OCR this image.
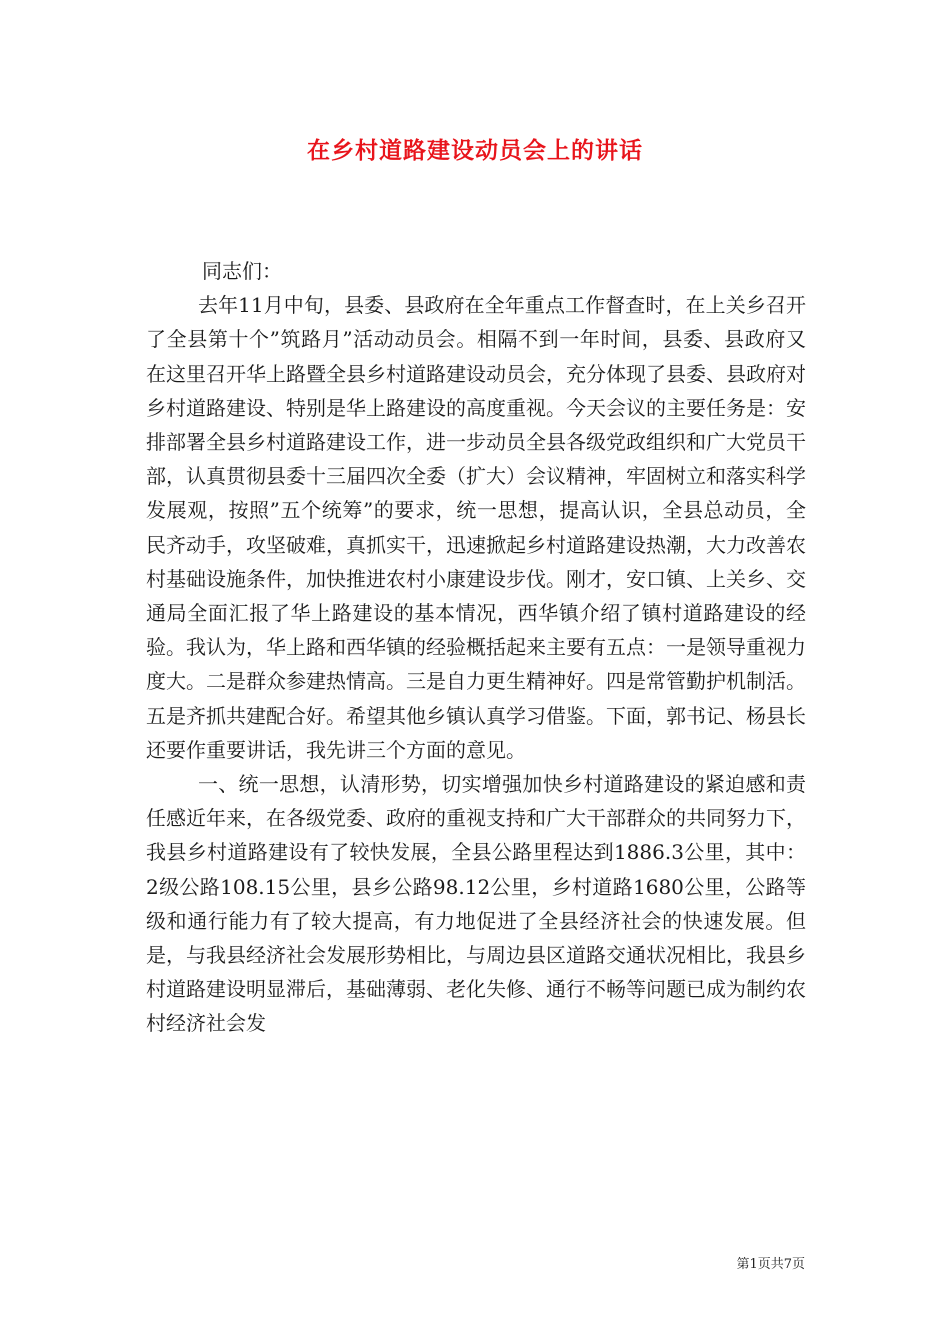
在乡村道路建设动员会上的讲话

同志们：

去年11月中旬，县委、县政府在全年重点工作督查时，在上关乡召开了全县第十个”筑路月”活动动员会。相隔不到一年时间，县委、县政府又在这里召开华上路暨全县乡村道路建设动员会，充分体现了县委、县政府对乡村道路建设、特别是华上路建设的高度重视。今天会议的主要任务是：安排部署全县乡村道路建设工作，进一步动员全县各级党政组织和广大党员干部，认真贯彻县委十三届四次全委（扩大）会议精神，牢固树立和落实科学发展观，按照”五个统筹”的要求，统一思想，提高认识，全县总动员，全民齐动手，攻坚破难，真抓实干，迅速掀起乡村道路建设热潮，大力改善农村基础设施条件，加快推进农村小康建设步伐。刚才，安口镇、上关乡、交通局全面汇报了华上路建设的基本情况，西华镇介绍了镇村道路建设的经验。我认为，华上路和西华镇的经验概括起来主要有五点：一是领导重视力度大。二是群众参建热情高。三是自力更生精神好。四是常管勤护机制活。五是齐抓共建配合好。希望其他乡镇认真学习借鉴。下面，郭书记、杨县长还要作重要讲话，我先讲三个方面的意见。

一、统一思想，认清形势，切实增强加快乡村道路建设的紧迫感和责任感近年来，在各级党委、政府的重视支持和广大干部群众的共同努力下，我县乡村道路建设有了较快发展，全县公路里程达到1886.3公里，其中：2级公路108.15公里，县乡公路98.12公里，乡村道路1680公里，公路等级和通行能力有了较大提高，有力地促进了全县经济社会的快速发展。但是，与我县经济社会发展形势相比，与周边县区道路交通状况相比，我县乡村道路建设明显滞后，基础薄弱、老化失修、通行不畅等问题已成为制约农村经济社会发

第1页共7页
